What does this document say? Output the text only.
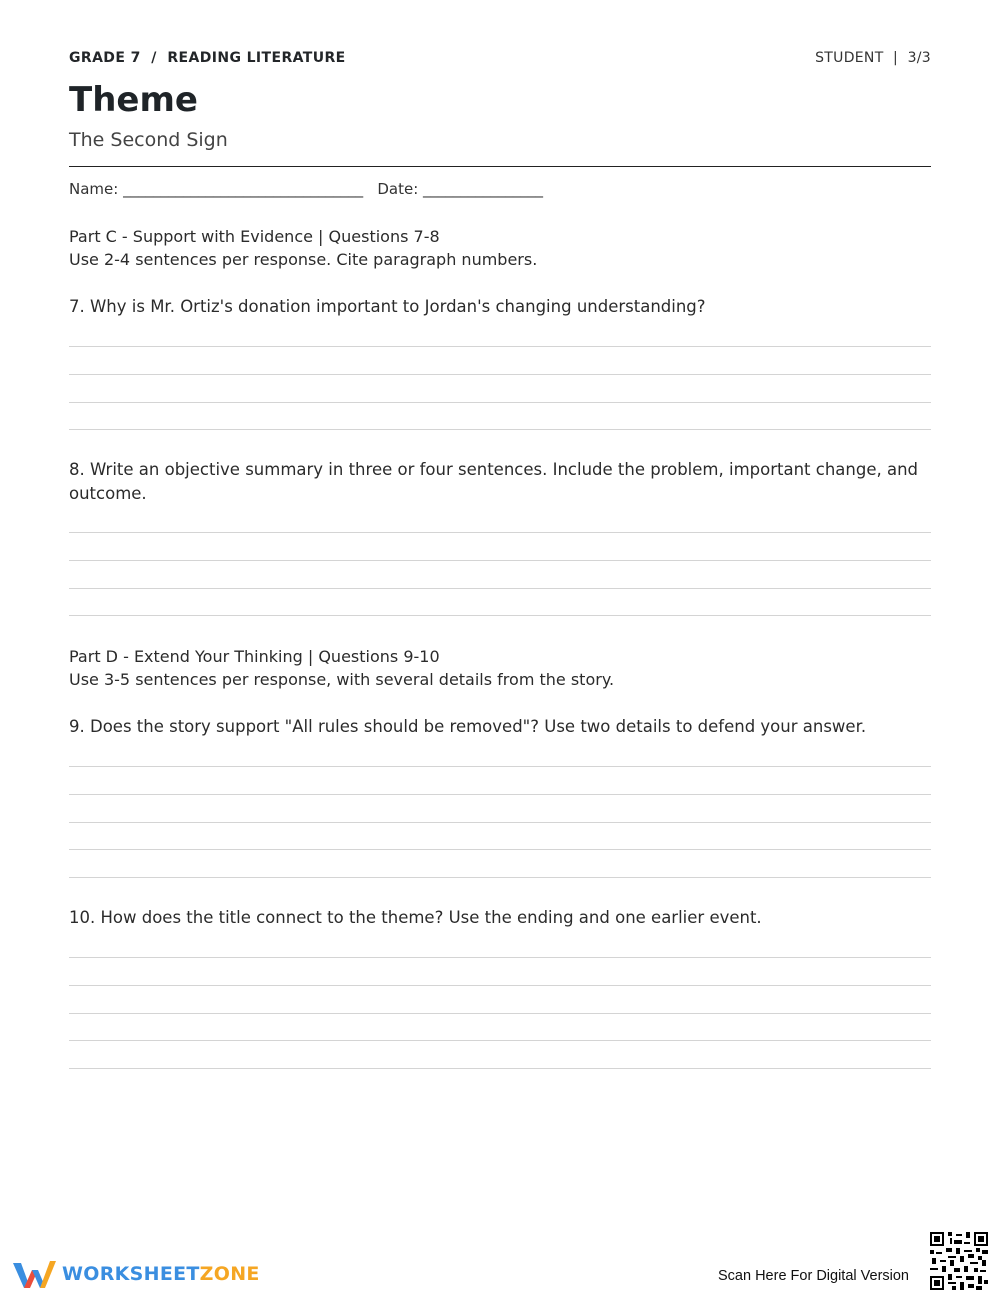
GRADE 7  /  READING LITERATURE	STUDENT  |  3/3
Theme
The Second Sign
Name: ________________________________   Date: ________________
Part C - Support with Evidence | Questions 7-8
Use 2-4 sentences per response. Cite paragraph numbers.
7. Why is Mr. Ortiz's donation important to Jordan's changing understanding?
8. Write an objective summary in three or four sentences. Include the problem, important change, and outcome.
Part D - Extend Your Thinking | Questions 9-10
Use 3-5 sentences per response, with several details from the story.
9. Does the story support "All rules should be removed"? Use two details to defend your answer.
10. How does the title connect to the theme? Use the ending and one earlier event.
WORKSHEETZONE	Scan Here For Digital Version
